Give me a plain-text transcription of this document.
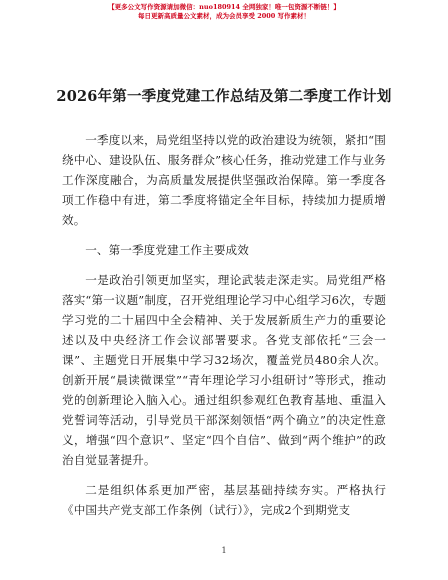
【更多公文写作资源请加微信：nuo180914 全网独家！唯一包资源不断链！】
每日更新高质量公文素材，成为会员享受 2000 写作素材！
2026年第一季度党建工作总结及第二季度工作计划

一季度以来，局党组坚持以党的政治建设为统领，紧扣“围绕中心、建设队伍、服务群众”核心任务，推动党建工作与业务工作深度融合，为高质量发展提供坚强政治保障。第一季度各项工作稳中有进，第二季度将锚定全年目标，持续加力提质增效。

一、第一季度党建工作主要成效

一是政治引领更加坚实，理论武装走深走实。局党组严格落实“第一议题”制度，召开党组理论学习中心组学习6次，专题学习党的二十届四中全会精神、关于发展新质生产力的重要论述以及中央经济工作会议部署要求。各党支部依托“三会一课”、主题党日开展集中学习32场次，覆盖党员480余人次。创新开展“晨读微课堂”“青年理论学习小组研讨”等形式，推动党的创新理论入脑入心。通过组织参观红色教育基地、重温入党誓词等活动，引导党员干部深刻领悟“两个确立”的决定性意义，增强“四个意识”、坚定“四个自信”、做到“两个维护”的政治自觉显著提升。

二是组织体系更加严密，基层基础持续夯实。严格执行《中国共产党支部工作条例（试行）》，完成2个到期党支

1
